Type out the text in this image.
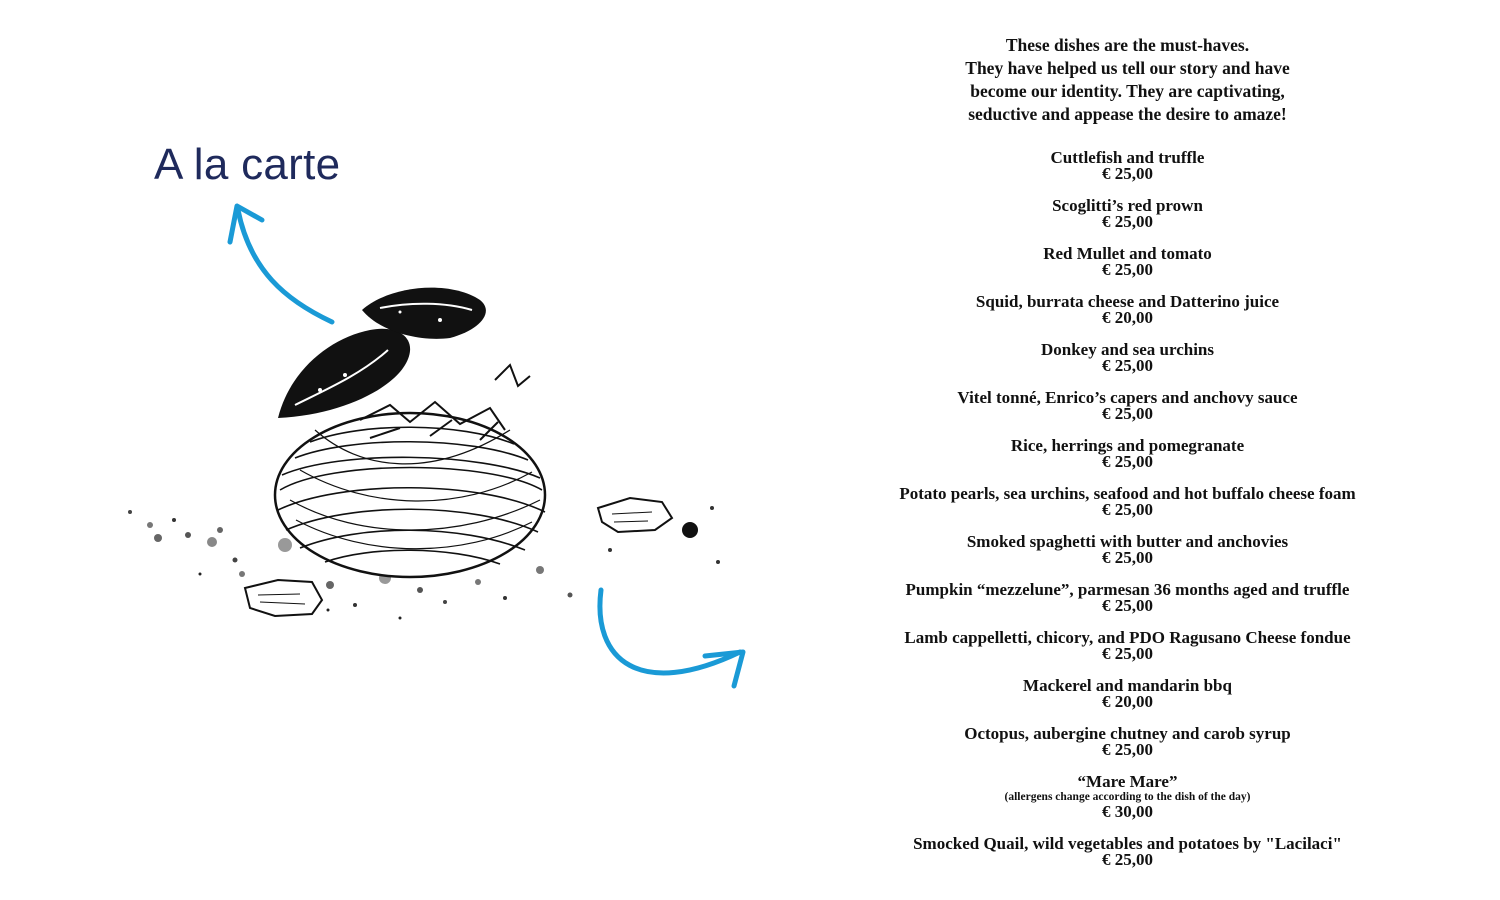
A la carte
These dishes are the must-haves.
They have helped us tell our story and have
become our identity. They are captivating,
seductive and appease the desire to amaze!
Cuttlefish and truffle
€ 25,00
Scoglitti’s red prown
€ 25,00
Red Mullet and tomato
€ 25,00
Squid, burrata cheese and Datterino juice
€ 20,00
Donkey and sea urchins
€ 25,00
Vitel tonné, Enrico’s capers and anchovy sauce
€ 25,00
Rice, herrings and pomegranate
€ 25,00
Potato pearls, sea urchins, seafood and hot buffalo cheese foam
€ 25,00
Smoked spaghetti with butter and anchovies
€ 25,00
Pumpkin “mezzelune”, parmesan 36 months aged and truffle
€ 25,00
Lamb cappelletti, chicory, and PDO Ragusano Cheese fondue
€ 25,00
Mackerel and mandarin bbq
€ 20,00
Octopus, aubergine chutney and carob syrup
€ 25,00
“Mare Mare”
(allergens change according to the dish of the day)
€ 30,00
Smocked Quail, wild vegetables and potatoes by "Lacilaci"
€ 25,00
